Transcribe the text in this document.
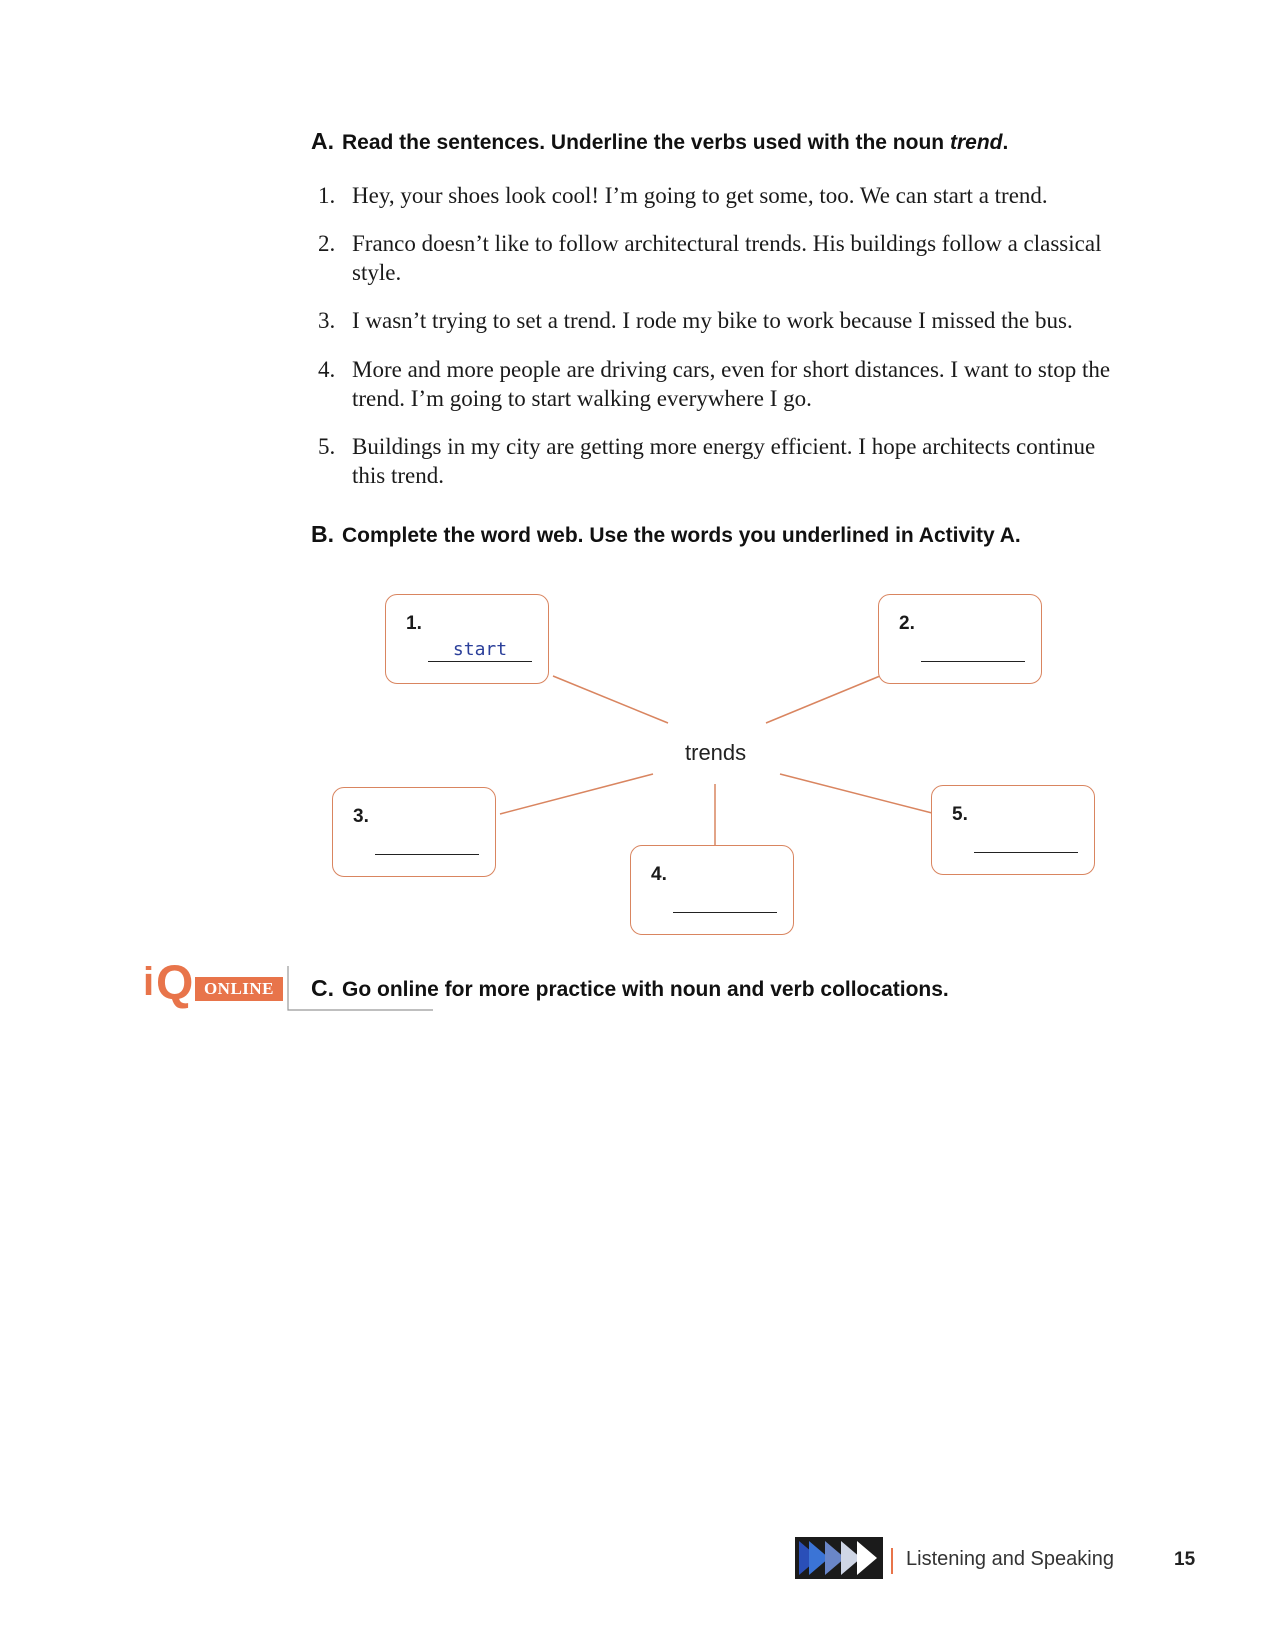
A. Read the sentences. Underline the verbs used with the noun trend.
1. Hey, your shoes look cool! I’m going to get some, too. We can start a trend.
2. Franco doesn’t like to follow architectural trends. His buildings follow a classical style.
3. I wasn’t trying to set a trend. I rode my bike to work because I missed the bus.
4. More and more people are driving cars, even for short distances. I want to stop the trend. I’m going to start walking everywhere I go.
5. Buildings in my city are getting more energy efficient. I hope architects continue this trend.
B. Complete the word web. Use the words you underlined in Activity A.
trends
1.
start
2.
3.
4.
5.
i Q ONLINE	C. Go online for more practice with noun and verb collocations.
Listening and Speaking	15
